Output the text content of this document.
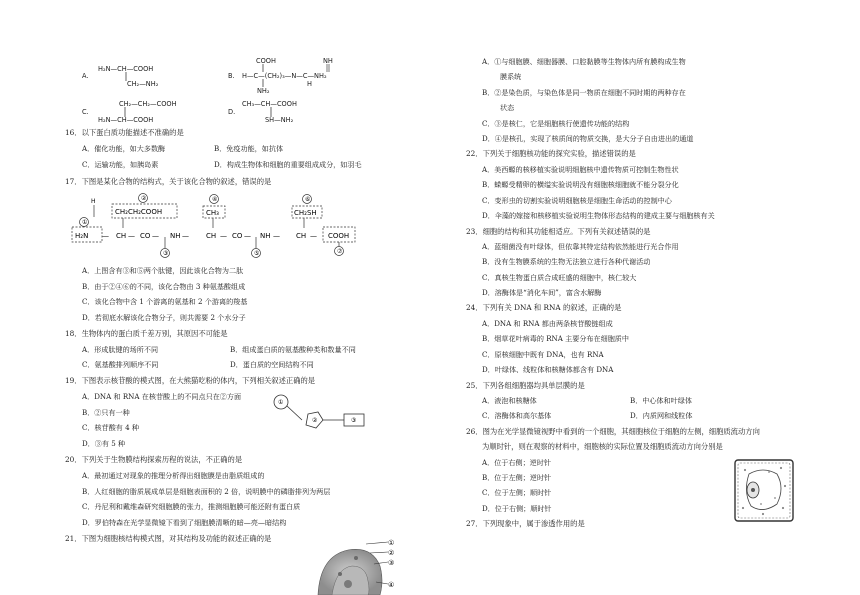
A.
H₂N—CH—COOH
CH₂—NH₂
B.
COOH
H—C—(CH₂)₃—N—C—NH₂
NH
H
NH₂
C.
CH₂—CH₂—COOH
H₂N—CH—COOH
D.
CH₃—CH—COOH
SH—NH₂
16．以下蛋白质功能描述不准确的是
A．催化功能，如大多数酶	B．免疫功能，如抗体
C．运输功能，如胰岛素	D．构成生物体和细胞的重要组成成分，如羽毛
17．下图是某化合物的结构式，关于该化合物的叙述，错误的是
①
②	④	⑥
③	⑤	⑦
H₂N
CH₂CH₂COOH	CH₃	CH₂SH
COOH
— CH — CO — NH — CH — CO — NH — CH —
H
A．上图含有③和⑤两个肽键，因此该化合物为二肽
B．由于②④⑥的不同，该化合物由 3 种氨基酸组成
C．该化合物中含 1 个游离的氨基和 2 个游离的羧基
D．若彻底水解该化合物分子，则共需要 2 个水分子
18．生物体内的蛋白质千差万别，其原因不可能是
A．形成肽键的场所不同	B．组成蛋白质的氨基酸种类和数量不同
C．氨基酸排列顺序不同	D．蛋白质的空间结构不同
19．下图表示核苷酸的模式图，在大熊猫吃粉的体内，下列相关叙述正确的是
A．DNA 和 RNA 在核苷酸上的不同点只在②方面
B．②只有一种
C．核苷酸有 4 种
D．③有 5 种
①
②	③
20．下列关于生物膜结构探索历程的说法，不正确的是
A．最初通过对现象的推理分析得出细胞膜是由脂质组成的
B．人红细胞的脂质展成单层是细胞表面积的 2 倍，说明膜中的磷脂排列为两层
C．丹尼利和戴维森研究细胞膜的张力，推测细胞膜可能还附有蛋白质
D．罗伯特森在光学显微镜下看到了细胞膜清晰的暗—亮—暗结构
21．下图为细胞核结构模式图，对其结构及功能的叙述正确的是	①
②
③
④
A．①与细胞膜、细胞器膜、口腔黏膜等生物体内所有膜构成生物
膜系统
B．②是染色质，与染色体是同一物质在细胞不同时期的两种存在
状态
C．③是核仁，它是细胞核行使遗传功能的结构
D．④是核孔，实现了核质间的物质交换，是大分子自由进出的通道
22．下列关于细胞核功能的探究实验，描述错误的是
A．美西螈的核移植实验说明细胞核中遗传物质可控制生物性状
B．蝾螈受精卵的横缢实验说明没有细胞核细胞就不能分裂分化
C．变形虫的切割实验说明细胞核是细胞生命活动的控制中心
D．伞藻的嫁接和核移植实验说明生物体形态结构的建成主要与细胞核有关
23．细胞的结构和其功能相适应。下列有关叙述错误的是
A．蓝细菌没有叶绿体，但依靠其特定结构依然能进行光合作用
B．没有生物膜系统的生物无法独立进行各种代谢活动
C．真核生物蛋白质合成旺盛的细胞中，核仁较大
D．溶酶体是“消化车间”，富含水解酶
24．下列有关 DNA 和 RNA 的叙述，正确的是
A．DNA 和 RNA 都由两条核苷酸链组成
B．烟草花叶病毒的 RNA 主要分布在细胞质中
C．原核细胞中既有 DNA，也有 RNA
D．叶绿体、线粒体和核糖体都含有 DNA
25．下列各组细胞器均具单层膜的是
A．液泡和核糖体	B．中心体和叶绿体
C．溶酶体和高尔基体	D．内质网和线粒体
26．图为在光学显微镜视野中看到的一个细胞，其细胞核位于细胞的左侧，细胞质流动方向
为顺时针，则在观察的材料中，细胞核的实际位置及细胞质流动方向分别是
A．位于右侧；逆时针
B．位于左侧；逆时针
C．位于左侧；顺时针
D．位于右侧；顺时针
27．下列现象中，属于渗透作用的是
